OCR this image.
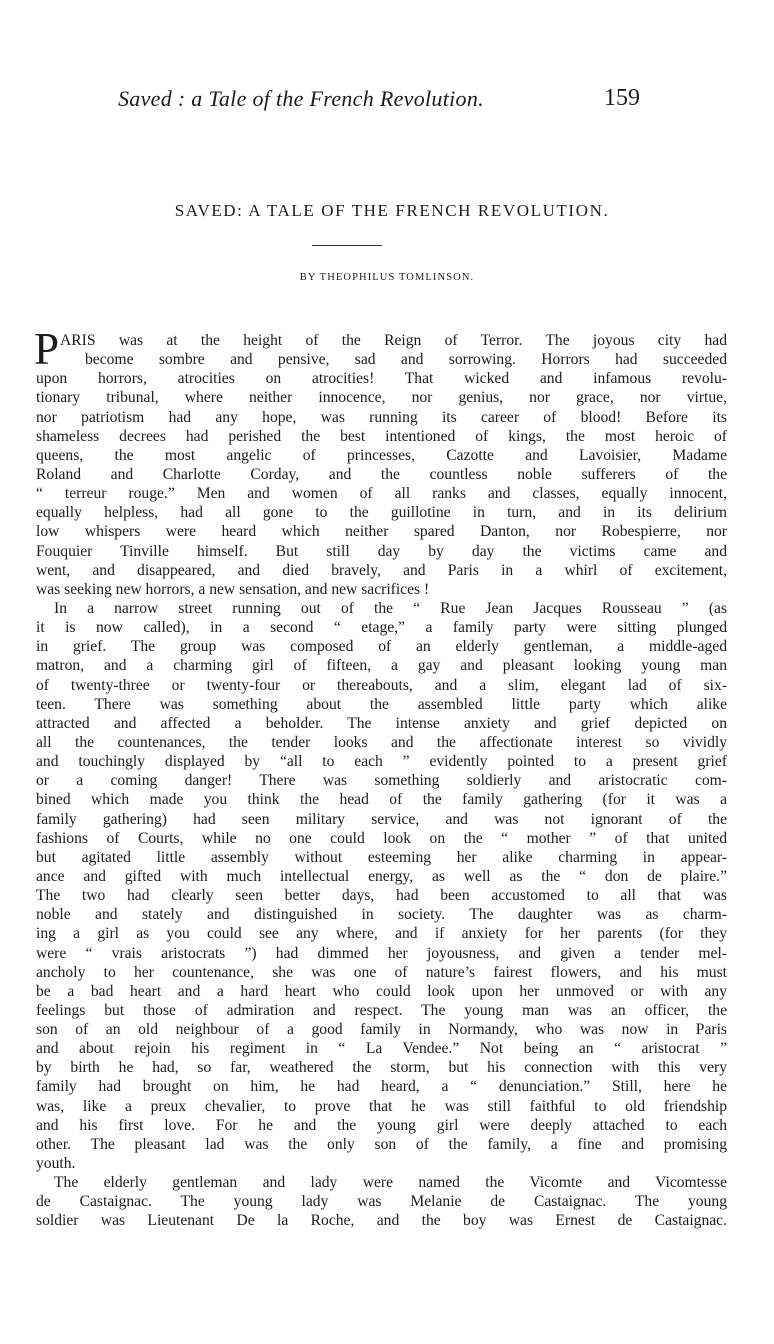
Saved : a Tale of the French Revolution.	159
SAVED: A TALE OF THE FRENCH REVOLUTION.
BY THEOPHILUS TOMLINSON.
P ARIS was at the height of the Reign of Terror. The joyous city had
become sombre and pensive, sad and sorrowing. Horrors had succeeded
upon horrors, atrocities on atrocities! That wicked and infamous revolu-
tionary tribunal, where neither innocence, nor genius, nor grace, nor virtue,
nor patriotism had any hope, was running its career of blood! Before its
shameless decrees had perished the best intentioned of kings, the most heroic of
queens, the most angelic of princesses, Cazotte and Lavoisier, Madame
Roland and Charlotte Corday, and the countless noble sufferers of the
“ terreur rouge.” Men and women of all ranks and classes, equally innocent,
equally helpless, had all gone to the guillotine in turn, and in its delirium
low whispers were heard which neither spared Danton, nor Robespierre, nor
Fouquier Tinville himself. But still day by day the victims came and
went, and disappeared, and died bravely, and Paris in a whirl of excitement,
was seeking new horrors, a new sensation, and new sacrifices !
In a narrow street running out of the “ Rue Jean Jacques Rousseau ” (as
it is now called), in a second “ etage,” a family party were sitting plunged
in grief. The group was composed of an elderly gentleman, a middle-aged
matron, and a charming girl of fifteen, a gay and pleasant looking young man
of twenty-three or twenty-four or thereabouts, and a slim, elegant lad of six-
teen. There was something about the assembled little party which alike
attracted and affected a beholder. The intense anxiety and grief depicted on
all the countenances, the tender looks and the affectionate interest so vividly
and touchingly displayed by “all to each ” evidently pointed to a present grief
or a coming danger! There was something soldierly and aristocratic com-
bined which made you think the head of the family gathering (for it was a
family gathering) had seen military service, and was not ignorant of the
fashions of Courts, while no one could look on the “ mother ” of that united
but agitated little assembly without esteeming her alike charming in appear-
ance and gifted with much intellectual energy, as well as the “ don de plaire.”
The two had clearly seen better days, had been accustomed to all that was
noble and stately and distinguished in society. The daughter was as charm-
ing a girl as you could see any where, and if anxiety for her parents (for they
were “ vrais aristocrats ”) had dimmed her joyousness, and given a tender mel-
ancholy to her countenance, she was one of nature’s fairest flowers, and his must
be a bad heart and a hard heart who could look upon her unmoved or with any
feelings but those of admiration and respect. The young man was an officer, the
son of an old neighbour of a good family in Normandy, who was now in Paris
and about rejoin his regiment in “ La Vendee.” Not being an “ aristocrat ”
by birth he had, so far, weathered the storm, but his connection with this very
family had brought on him, he had heard, a “ denunciation.” Still, here he
was, like a preux chevalier, to prove that he was still faithful to old friendship
and his first love. For he and the young girl were deeply attached to each
other. The pleasant lad was the only son of the family, a fine and promising
youth.
The elderly gentleman and lady were named the Vicomte and Vicomtesse
de Castaignac. The young lady was Melanie de Castaignac. The young
soldier was Lieutenant De la Roche, and the boy was Ernest de Castaignac.
